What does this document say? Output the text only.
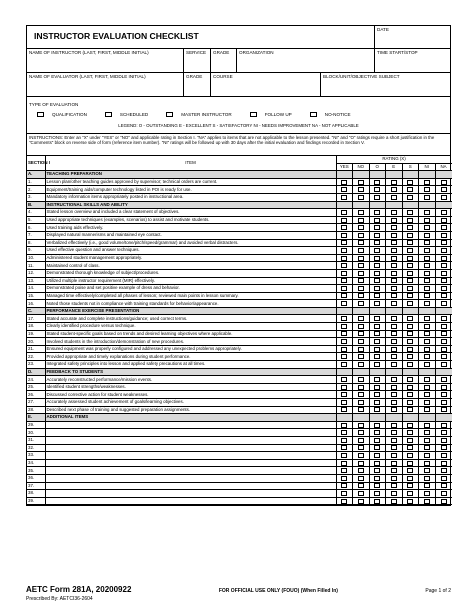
INSTRUCTOR EVALUATION CHECKLIST
DATE
NAME OF INSTRUCTOR (LAST, FIRST, MIDDLE INITIAL)	SERVICE	GRADE	ORGANIZATION	TIME START/STOP
NAME OF EVALUATOR (LAST, FIRST, MIDDLE INITIAL)	GRADE	COURSE	BLOCK/UNIT/OBJECTIVE SUBJECT
TYPE OF EVALUATION
QUALIFICATION	SCHEDULED	MASTER INSTRUCTOR	FOLLOW UP	NO-NOTICE
LEGEND: O - OUTSTANDING E - EXCELLENT S - SATISFACTORY NI - NEEDS IMPROVEMENT NA - NOT APPLICABLE
INSTRUCTIONS: Enter an "X" under "YES" or "NO" and applicable rating in Section I. "NA" applies to items that are not applicable to the lesson presented. "NI" and "O" ratings require a short justification in the "Comments" block on reverse side of form (reference item number). "NI" ratings will be followed up with 30 days after the initial evaluation and findings recorded in Section V.
SECTION I	ITEM	RATING (X)						
		YES	NO	O	E	S	NI	NA
A.	TEACHING PREPARATION							
1.	Lesson plan/other teaching guides approved by supervisor; technical orders are current.	

2.	Equipment/training aids/computer technology listed in POI is ready for use.	

3.	Mandatory information items appropriately posted in instructional area.	

B.	INSTRUCTIONAL SKILLS AND ABILITY							
4.	Stated lesson overview and included a clear statement of objectives.	

5.	Used appropriate techniques (examples, scenarios) to assist and motivate students.	

6.	Used training aids effectively.	

7.	Displayed natural mannerisms and maintained eye contact.	

8.	Verbalized effectively (i.e., good volume/tone/pitch/speed/grammar) and avoided verbal distracters.	

9.	Used effective question and answer techniques.	

10.	Administered student management appropriately.	

11.	Maintained control of class.	

12.	Demonstrated thorough knowledge of subject/procedures.	

13.	Utilized multiple instructor requirement (MIR) effectively.	

14.	Demonstrated poise and set positive example of dress and behavior.	

15.	Managed time effectively/completed all phases of lesson; reviewed main points in lesson summary.	

16.	Noted those students not in compliance with training standards for behavior/appearance.	

C.	PERFORMANCE EXERCISE PRESENTATION							
17.	Stated accurate and complete instructions/guidance; used correct terms.	

18.	Clearly identified procedure versus technique.	

19.	Stated student-specific goals based on trends and desired learning objectives where applicable.	

20.	Involved students in the introduction/demonstration of new procedures.	

21.	Ensured equipment was properly configured and addressed any unexpected problems appropriately.	

22.	Provided appropriate and timely explanations during student performance.	

23.	Integrated safety principles into lesson and applied safety precautions at all times.	

D.	FEEDBACK TO STUDENTS							
24.	Accurately reconstructed performance/mission events.	

25.	Identified student strengths/weaknesses.	

26.	Discussed corrective action for student weaknesses.	

27.	Accurately assessed student achievement of goals/learning objectives.	

28.	Described next phase of training and suggested preparation assignments.	

E.	ADDITIONAL ITEMS							
29.		

30.		

31.		

32.		

33.		

34.		

35.		

36.		

37.		

38.		

39.		

AETC Form 281A, 20200922	FOR OFFICIAL USE ONLY (FOUO) (When Filled In)	Page 1 of 2
Prescribed By: AETCI36-2604
